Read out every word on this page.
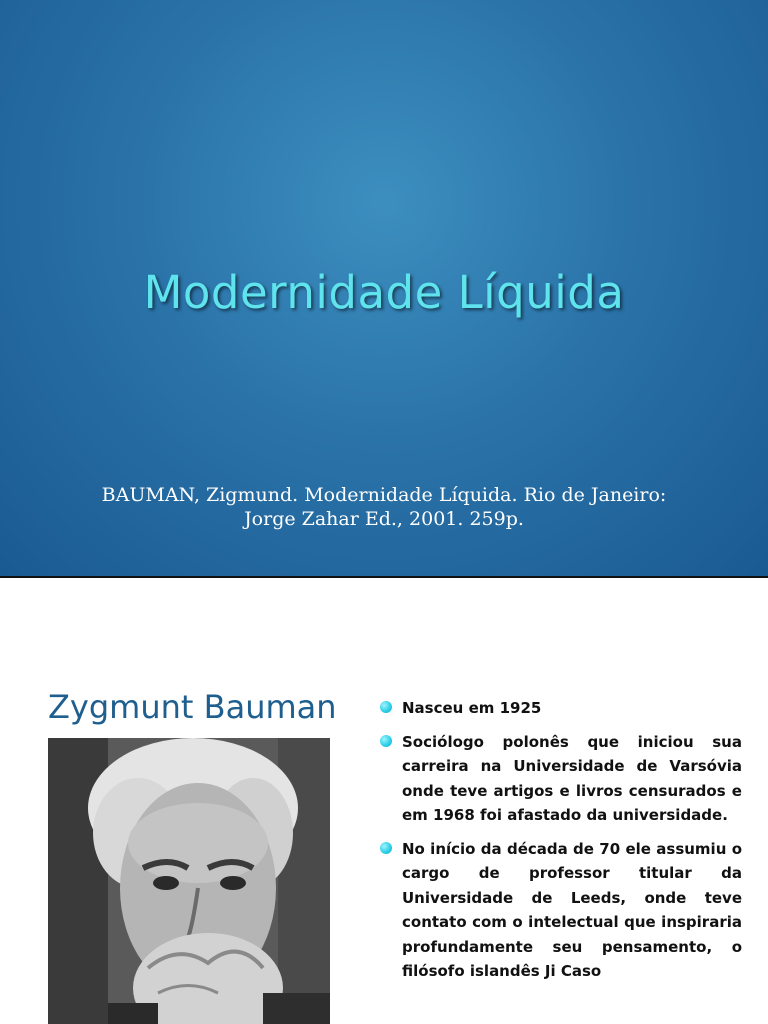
Modernidade Líquida
BAUMAN, Zigmund. Modernidade Líquida. Rio de Janeiro:
Jorge Zahar Ed., 2001. 259p.
Zygmunt Bauman	Nasceu em 1925
Sociólogo polonês que iniciou sua carreira na Universidade de Varsóvia onde teve artigos e livros censurados e em 1968 foi afastado da universidade.
No início da década de 70 ele assumiu o cargo de professor titular da Universidade de Leeds, onde teve contato com o intelectual que inspiraria profundamente seu pensamento, o filósofo islandês Ji Caso
